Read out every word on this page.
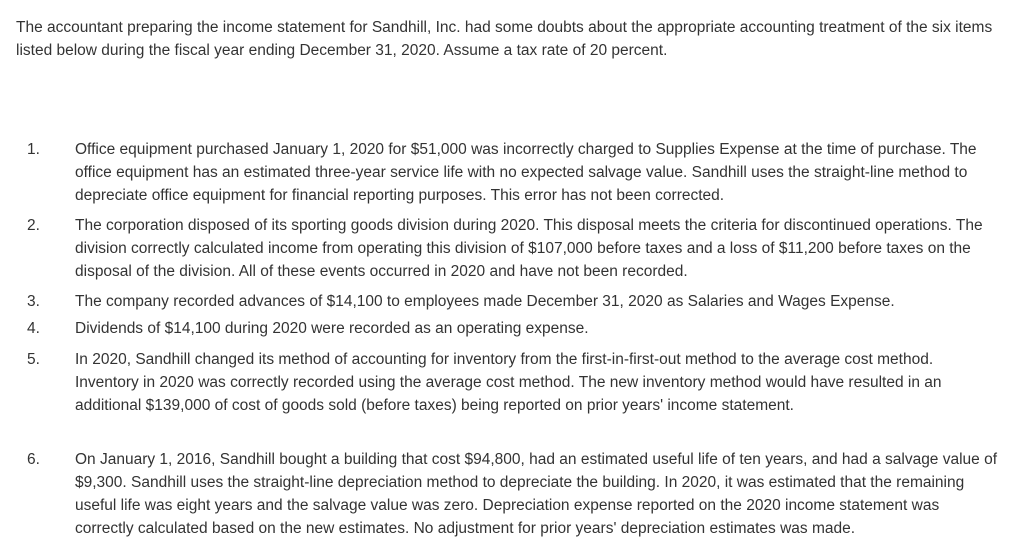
The accountant preparing the income statement for Sandhill, Inc. had some doubts about the appropriate accounting treatment of the six items listed below during the fiscal year ending December 31, 2020. Assume a tax rate of 20 percent.

1.	Office equipment purchased January 1, 2020 for $51,000 was incorrectly charged to Supplies Expense at the time of purchase. The office equipment has an estimated three-year service life with no expected salvage value. Sandhill uses the straight-line method to depreciate office equipment for financial reporting purposes. This error has not been corrected.
2.	The corporation disposed of its sporting goods division during 2020. This disposal meets the criteria for discontinued operations. The division correctly calculated income from operating this division of $107,000 before taxes and a loss of $11,200 before taxes on the disposal of the division. All of these events occurred in 2020 and have not been recorded.
3.	The company recorded advances of $14,100 to employees made December 31, 2020 as Salaries and Wages Expense.
4.	Dividends of $14,100 during 2020 were recorded as an operating expense.
5.	In 2020, Sandhill changed its method of accounting for inventory from the first-in-first-out method to the average cost method. Inventory in 2020 was correctly recorded using the average cost method. The new inventory method would have resulted in an additional $139,000 of cost of goods sold (before taxes) being reported on prior years' income statement.
6.	On January 1, 2016, Sandhill bought a building that cost $94,800, had an estimated useful life of ten years, and had a salvage value of $9,300. Sandhill uses the straight-line depreciation method to depreciate the building. In 2020, it was estimated that the remaining useful life was eight years and the salvage value was zero. Depreciation expense reported on the 2020 income statement was correctly calculated based on the new estimates. No adjustment for prior years' depreciation estimates was made.
